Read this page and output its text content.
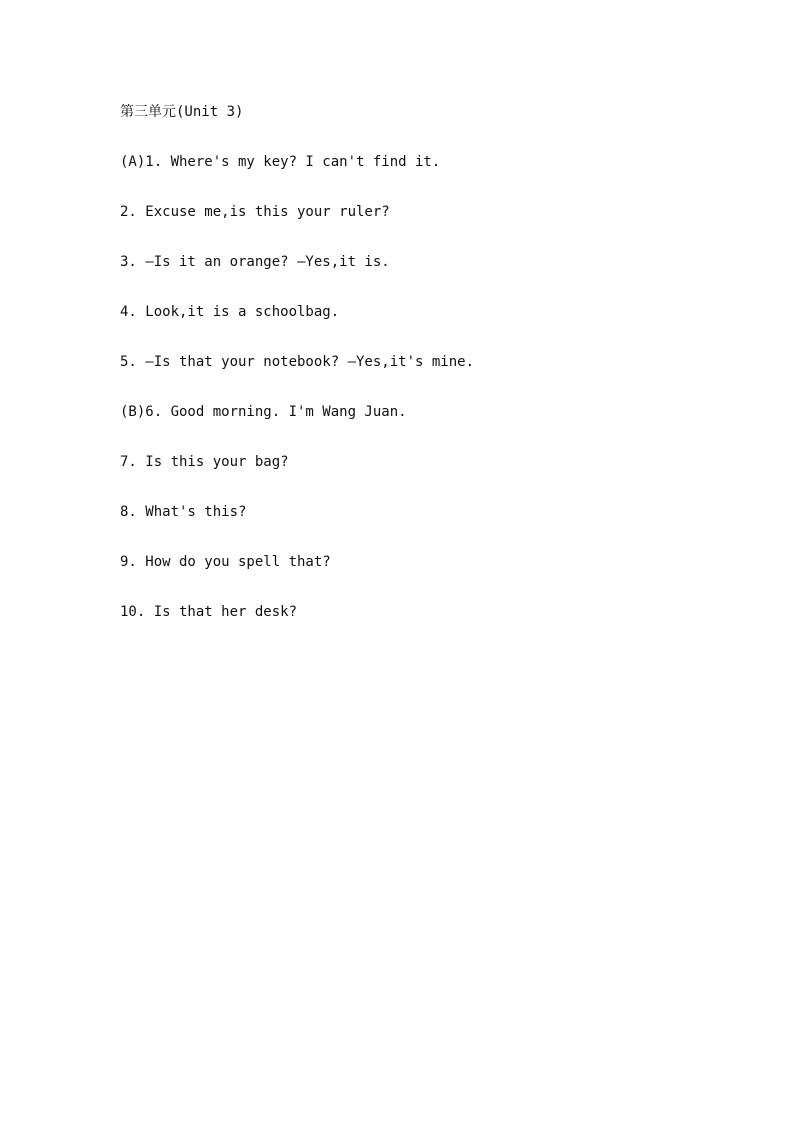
第三单元(Unit 3)
(A)1. Where's my key? I can't find it.
2. Excuse me,is this your ruler?
3. —Is it an orange? —Yes,it is.
4. Look,it is a schoolbag.
5. —Is that your notebook? —Yes,it's mine.
(B)6. Good morning. I'm Wang Juan.
7. Is this your bag?
8. What's this?
9. How do you spell that?
10. Is that her desk?
